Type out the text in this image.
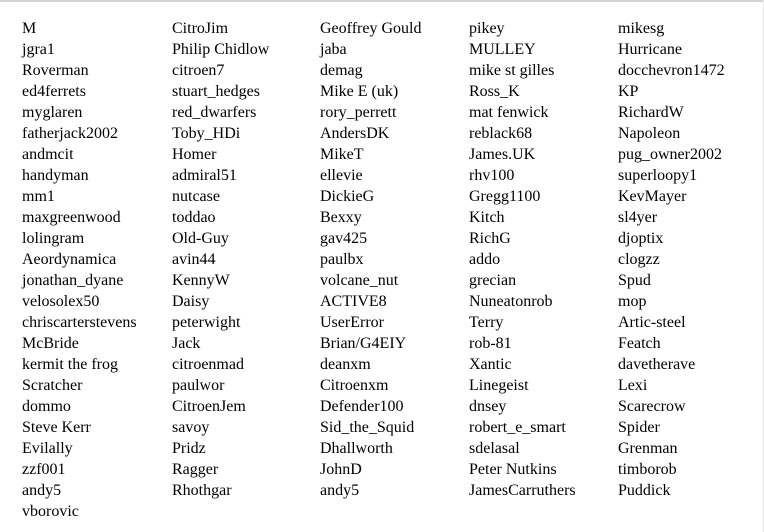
M
jgra1
Roverman
ed4ferrets
myglaren
fatherjack2002
andmcit
handyman
mm1
maxgreenwood
lolingram
Aeordynamica
jonathan_dyane
velosolex50
chriscarterstevens
McBride
kermit the frog
Scratcher
dommo
Steve Kerr
Evilally
zzf001
andy5
vborovic
CitroJim
Philip Chidlow
citroen7
stuart_hedges
red_dwarfers
Toby_HDi
Homer
admiral51
nutcase
toddao
Old-Guy
avin44
KennyW
Daisy
peterwight
Jack
citroenmad
paulwor
CitroenJem
savoy
Pridz
Ragger
Rhothgar
Geoffrey Gould
jaba
demag
Mike E (uk)
rory_perrett
AndersDK
MikeT
ellevie
DickieG
Bexxy
gav425
paulbx
volcane_nut
ACTIVE8
UserError
Brian/G4EIY
deanxm
Citroenxm
Defender100
Sid_the_Squid
Dhallworth
JohnD
andy5
pikey
MULLEY
mike st gilles
Ross_K
mat fenwick
reblack68
James.UK
rhv100
Gregg1100
Kitch
RichG
addo
grecian
Nuneatonrob
Terry
rob-81
Xantic
Linegeist
dnsey
robert_e_smart
sdelasal
Peter Nutkins
JamesCarruthers
mikesg
Hurricane
docchevron1472
KP
RichardW
Napoleon
pug_owner2002
superloopy1
KevMayer
sl4yer
djoptix
clogzz
Spud
mop
Artic-steel
Featch
davetherave
Lexi
Scarecrow
Spider
Grenman
timborob
Puddick
